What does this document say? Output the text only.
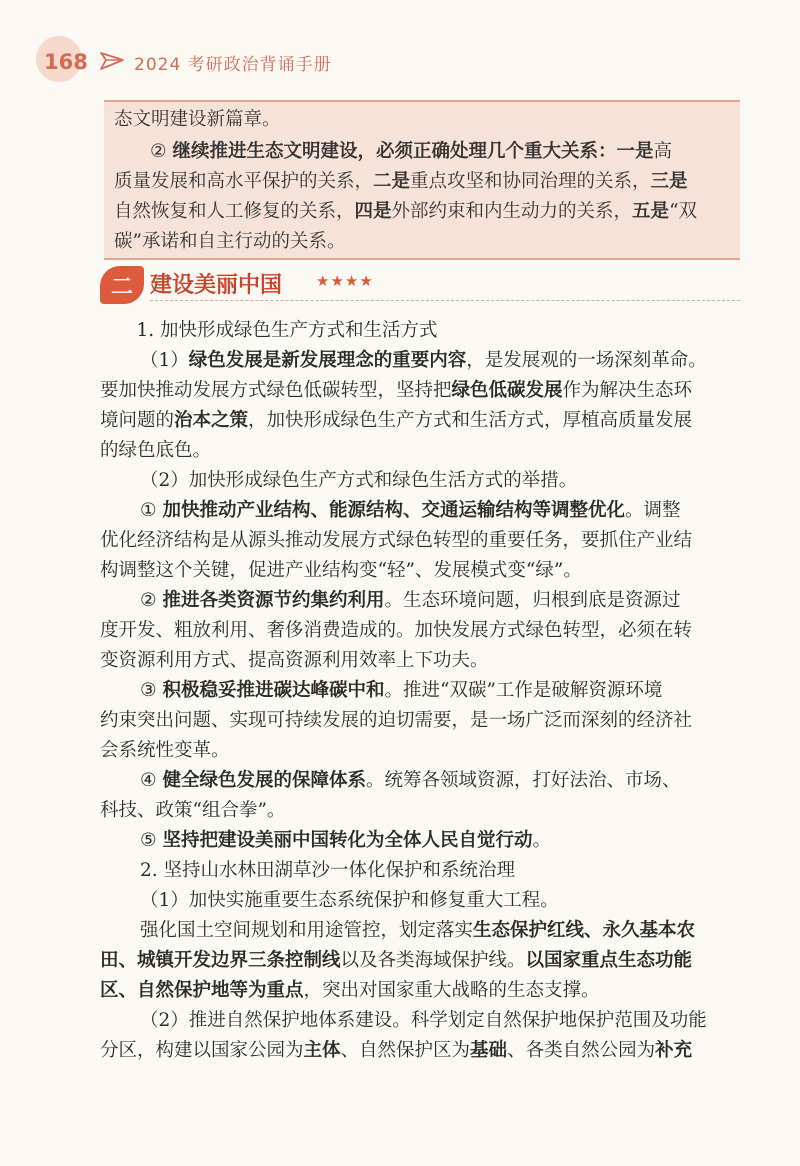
168	2024 考研政治背诵手册
态文明建设新篇章。
② 继续推进生态文明建设，必须正确处理几个重大关系：一是高
质量发展和高水平保护的关系，二是重点攻坚和协同治理的关系，三是
自然恢复和人工修复的关系，四是外部约束和内生动力的关系，五是“双
碳”承诺和自主行动的关系。
二 建设美丽中国 ★★★★
　1. 加快形成绿色生产方式和生活方式
（1）绿色发展是新发展理念的重要内容，是发展观的一场深刻革命。
要加快推动发展方式绿色低碳转型，坚持把绿色低碳发展作为解决生态环
境问题的治本之策，加快形成绿色生产方式和生活方式，厚植高质量发展
的绿色底色。
（2）加快形成绿色生产方式和绿色生活方式的举措。
① 加快推动产业结构、能源结构、交通运输结构等调整优化。调整
优化经济结构是从源头推动发展方式绿色转型的重要任务，要抓住产业结
构调整这个关键，促进产业结构变“轻”、发展模式变“绿”。
② 推进各类资源节约集约利用。生态环境问题，归根到底是资源过
度开发、粗放利用、奢侈消费造成的。加快发展方式绿色转型，必须在转
变资源利用方式、提高资源利用效率上下功夫。
③ 积极稳妥推进碳达峰碳中和。推进“双碳”工作是破解资源环境
约束突出问题、实现可持续发展的迫切需要，是一场广泛而深刻的经济社
会系统性变革。
④ 健全绿色发展的保障体系。统筹各领域资源，打好法治、市场、
科技、政策“组合拳”。
⑤ 坚持把建设美丽中国转化为全体人民自觉行动。
2. 坚持山水林田湖草沙一体化保护和系统治理
（1）加快实施重要生态系统保护和修复重大工程。
强化国土空间规划和用途管控，划定落实生态保护红线、永久基本农
田、城镇开发边界三条控制线以及各类海域保护线。以国家重点生态功能
区、自然保护地等为重点，突出对国家重大战略的生态支撑。
（2）推进自然保护地体系建设。科学划定自然保护地保护范围及功能
分区，构建以国家公园为主体、自然保护区为基础、各类自然公园为补充
